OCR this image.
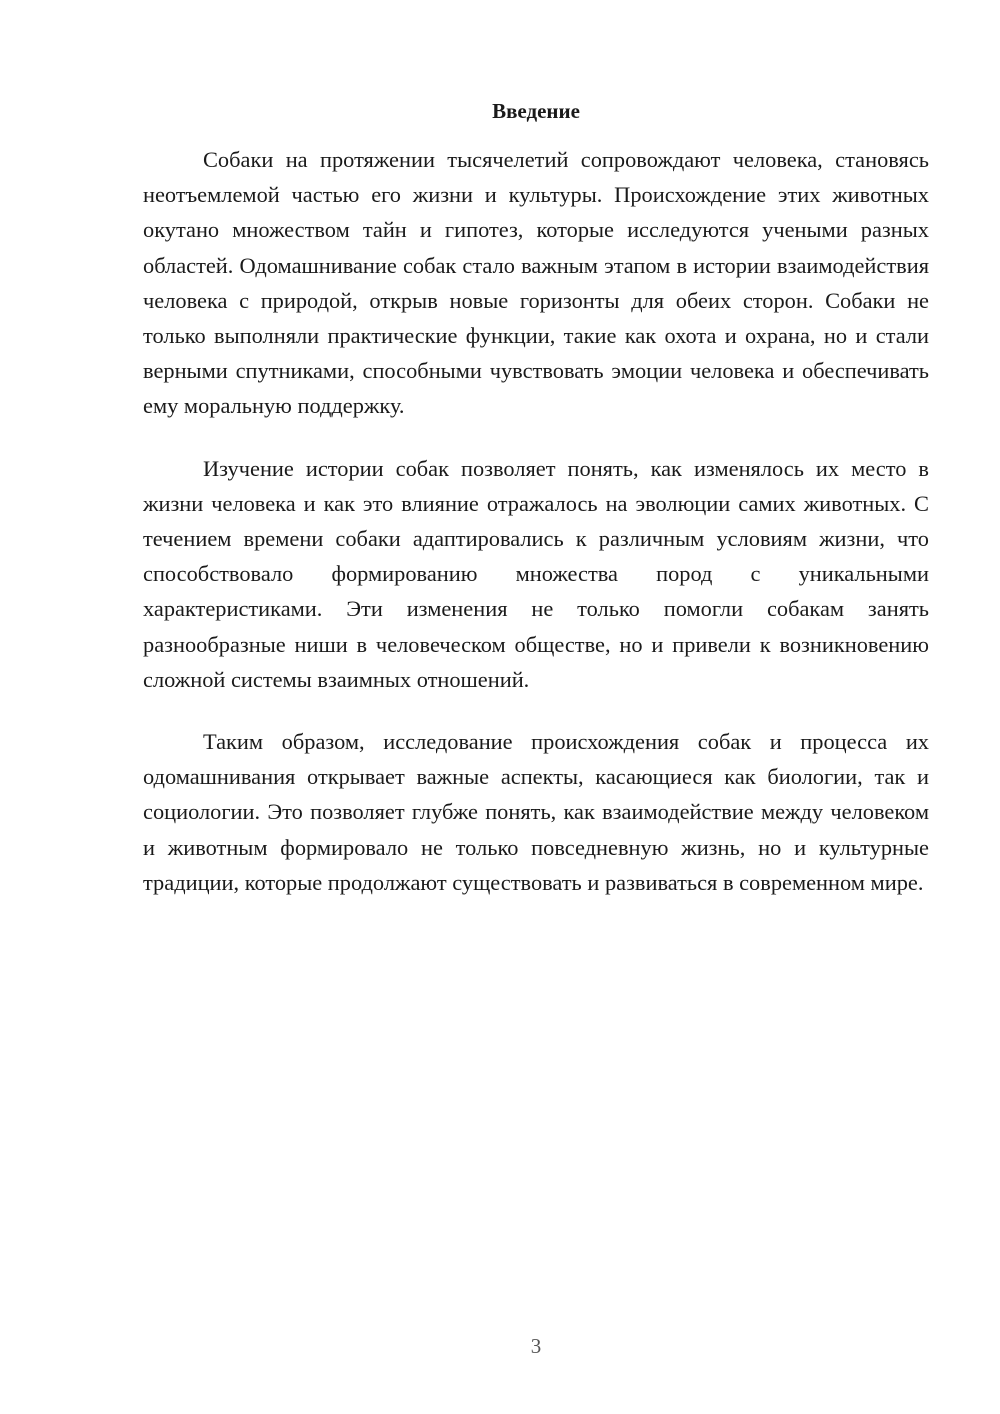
Введение

Собаки на протяжении тысячелетий сопровождают человека, становясь неотъемлемой частью его жизни и культуры. Происхождение этих животных окутано множеством тайн и гипотез, которые исследуются учеными разных областей. Одомашнивание собак стало важным этапом в истории взаимодействия человека с природой, открыв новые горизонты для обеих сторон. Собаки не только выполняли практические функции, такие как охота и охрана, но и стали верными спутниками, способными чувствовать эмоции человека и обеспечивать ему моральную поддержку.

Изучение истории собак позволяет понять, как изменялось их место в жизни человека и как это влияние отражалось на эволюции самих животных. С течением времени собаки адаптировались к различным условиям жизни, что способствовало формированию множества пород с уникальными характеристиками. Эти изменения не только помогли собакам занять разнообразные ниши в человеческом обществе, но и привели к возникновению сложной системы взаимных отношений.

Таким образом, исследование происхождения собак и процесса их одомашнивания открывает важные аспекты, касающиеся как биологии, так и социологии. Это позволяет глубже понять, как взаимодействие между человеком и животным формировало не только повседневную жизнь, но и культурные традиции, которые продолжают существовать и развиваться в современном мире.

3
